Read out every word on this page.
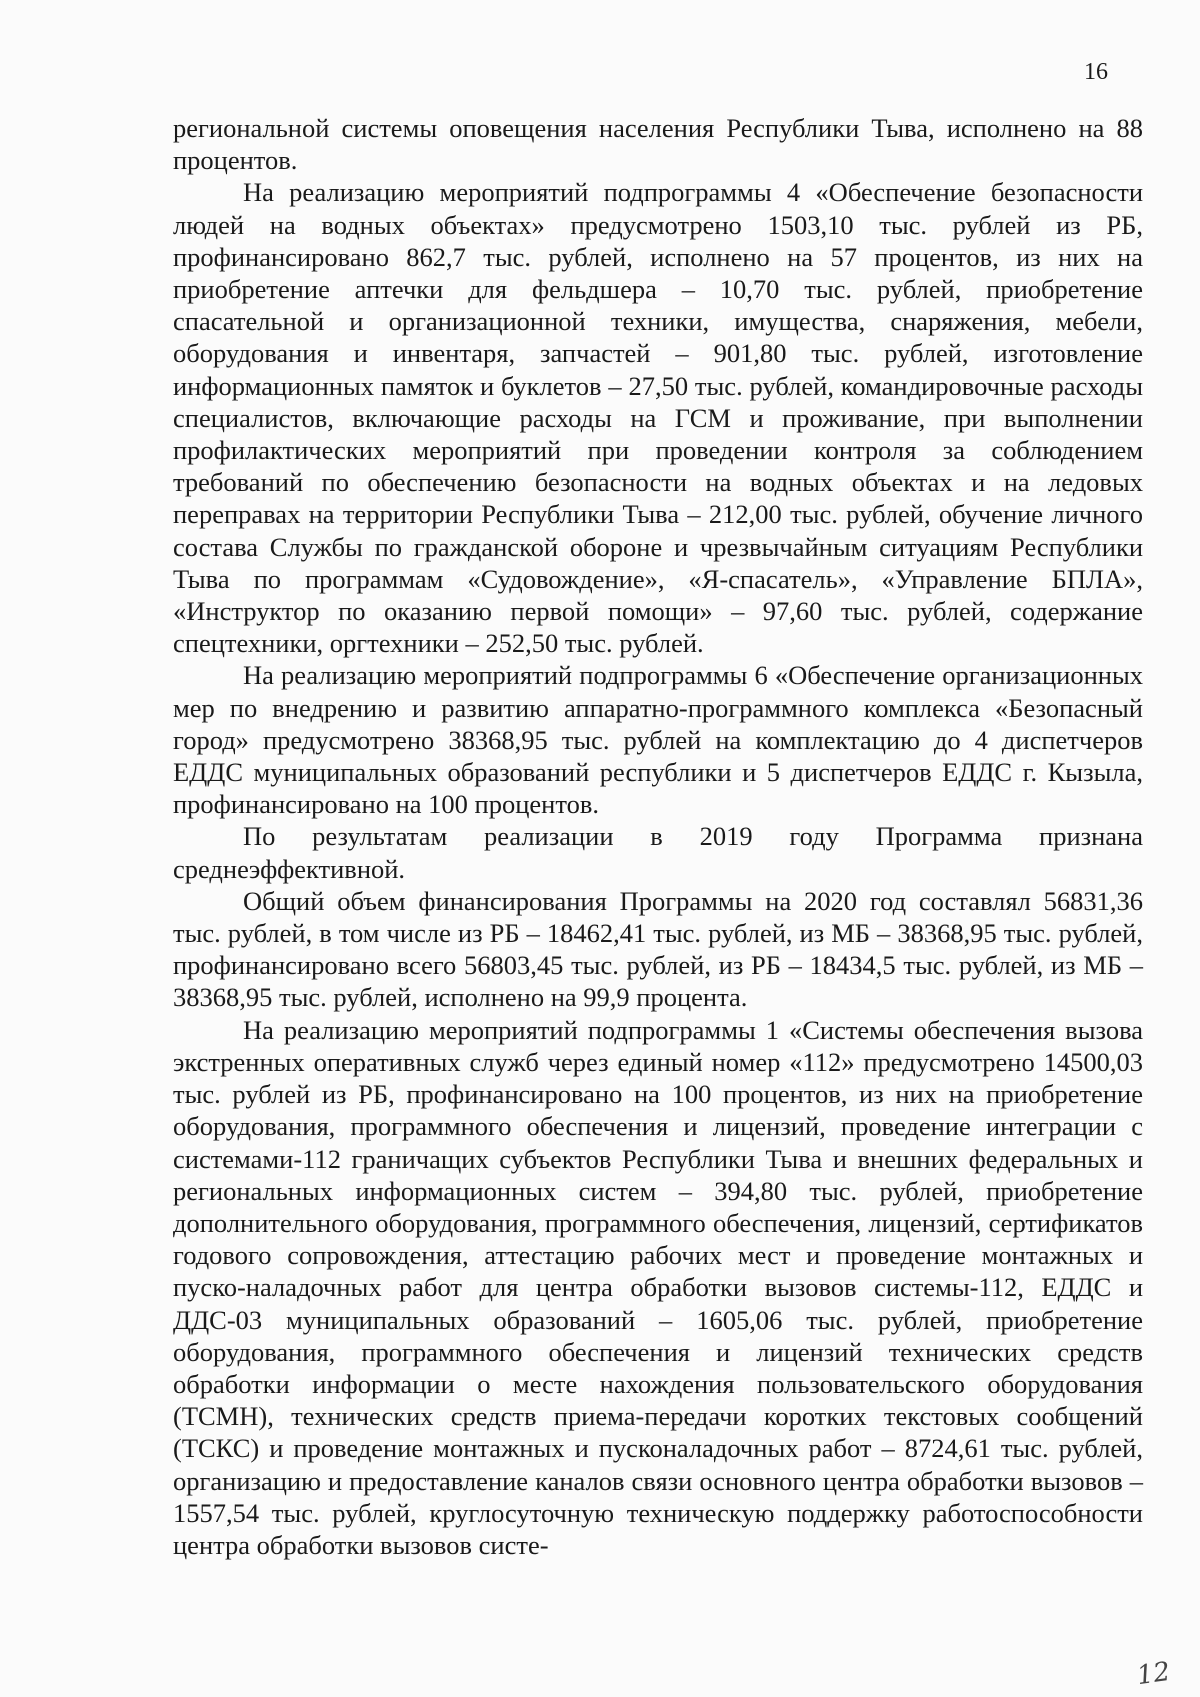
16

региональной системы оповещения населения Республики Тыва, исполнено на 88 процентов.

На реализацию мероприятий подпрограммы 4 «Обеспечение безопасности людей на водных объектах» предусмотрено 1503,10 тыс. рублей из РБ, профинансировано 862,7 тыс. рублей, исполнено на 57 процентов, из них на приобретение аптечки для фельдшера – 10,70 тыс. рублей, приобретение спасательной и организационной техники, имущества, снаряжения, мебели, оборудования и инвентаря, запчастей – 901,80 тыс. рублей, изготовление информационных памяток и буклетов – 27,50 тыс. рублей, командировочные расходы специалистов, включающие расходы на ГСМ и проживание, при выполнении профилактических мероприятий при проведении контроля за соблюдением требований по обеспечению безопасности на водных объектах и на ледовых переправах на территории Республики Тыва – 212,00 тыс. рублей, обучение личного состава Службы по гражданской обороне и чрезвычайным ситуациям Республики Тыва по программам «Судовождение», «Я-спасатель», «Управление БПЛА», «Инструктор по оказанию первой помощи» – 97,60 тыс. рублей, содержание спецтехники, оргтехники – 252,50 тыс. рублей.

На реализацию мероприятий подпрограммы 6 «Обеспечение организационных мер по внедрению и развитию аппаратно-программного комплекса «Безопасный город» предусмотрено 38368,95 тыс. рублей на комплектацию до 4 диспетчеров ЕДДС муниципальных образований республики и 5 диспетчеров ЕДДС г. Кызыла, профинансировано на 100 процентов.

По результатам реализации в 2019 году Программа признана среднеэффективной.

Общий объем финансирования Программы на 2020 год составлял 56831,36 тыс. рублей, в том числе из РБ – 18462,41 тыс. рублей, из МБ – 38368,95 тыс. рублей, профинансировано всего 56803,45 тыс. рублей, из РБ – 18434,5 тыс. рублей, из МБ – 38368,95 тыс. рублей, исполнено на 99,9 процента.

На реализацию мероприятий подпрограммы 1 «Системы обеспечения вызова экстренных оперативных служб через единый номер «112» предусмотрено 14500,03 тыс. рублей из РБ, профинансировано на 100 процентов, из них на приобретение оборудования, программного обеспечения и лицензий, проведение интеграции с системами-112 граничащих субъектов Республики Тыва и внешних федеральных и региональных информационных систем – 394,80 тыс. рублей, приобретение дополнительного оборудования, программного обеспечения, лицензий, сертификатов годового сопровождения, аттестацию рабочих мест и проведение монтажных и пуско-наладочных работ для центра обработки вызовов системы-112, ЕДДС и ДДС-03 муниципальных образований – 1605,06 тыс. рублей, приобретение оборудования, программного обеспечения и лицензий технических средств обработки информации о месте нахождения пользовательского оборудования (ТСМН), технических средств приема-передачи коротких текстовых сообщений (ТСКС) и проведение монтажных и пусконаладочных работ – 8724,61 тыс. рублей, организацию и предоставление каналов связи основного центра обработки вызовов – 1557,54 тыс. рублей, круглосуточную техническую поддержку работоспособности центра обработки вызовов систе-

12
